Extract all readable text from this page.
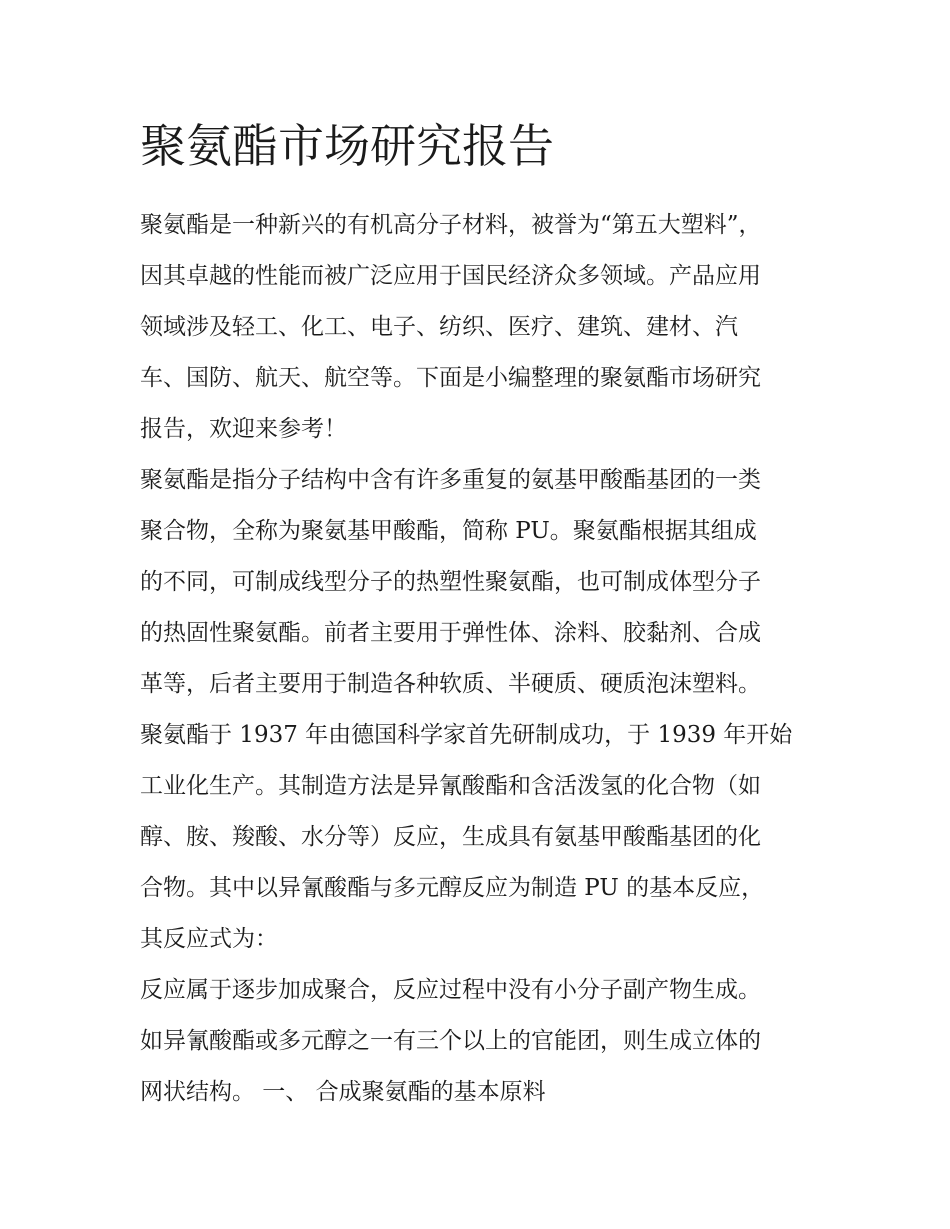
聚氨酯市场研究报告

聚氨酯是一种新兴的有机高分子材料，被誉为“第五大塑料”，

因其卓越的性能而被广泛应用于国民经济众多领域。产品应用

领域涉及轻工、化工、电子、纺织、医疗、建筑、建材、汽

车、国防、航天、航空等。下面是小编整理的聚氨酯市场研究

报告，欢迎来参考！

聚氨酯是指分子结构中含有许多重复的氨基甲酸酯基团的一类

聚合物，全称为聚氨基甲酸酯，简称 PU。聚氨酯根据其组成

的不同，可制成线型分子的热塑性聚氨酯，也可制成体型分子

的热固性聚氨酯。前者主要用于弹性体、涂料、胶黏剂、合成

革等，后者主要用于制造各种软质、半硬质、硬质泡沫塑料。

聚氨酯于 1937 年由德国科学家首先研制成功，于 1939 年开始

工业化生产。其制造方法是异氰酸酯和含活泼氢的化合物（如

醇、胺、羧酸、水分等）反应，生成具有氨基甲酸酯基团的化

合物。其中以异氰酸酯与多元醇反应为制造 PU 的基本反应，

其反应式为：

反应属于逐步加成聚合，反应过程中没有小分子副产物生成。

如异氰酸酯或多元醇之一有三个以上的官能团，则生成立体的

网状结构。 一、 合成聚氨酯的基本原料
